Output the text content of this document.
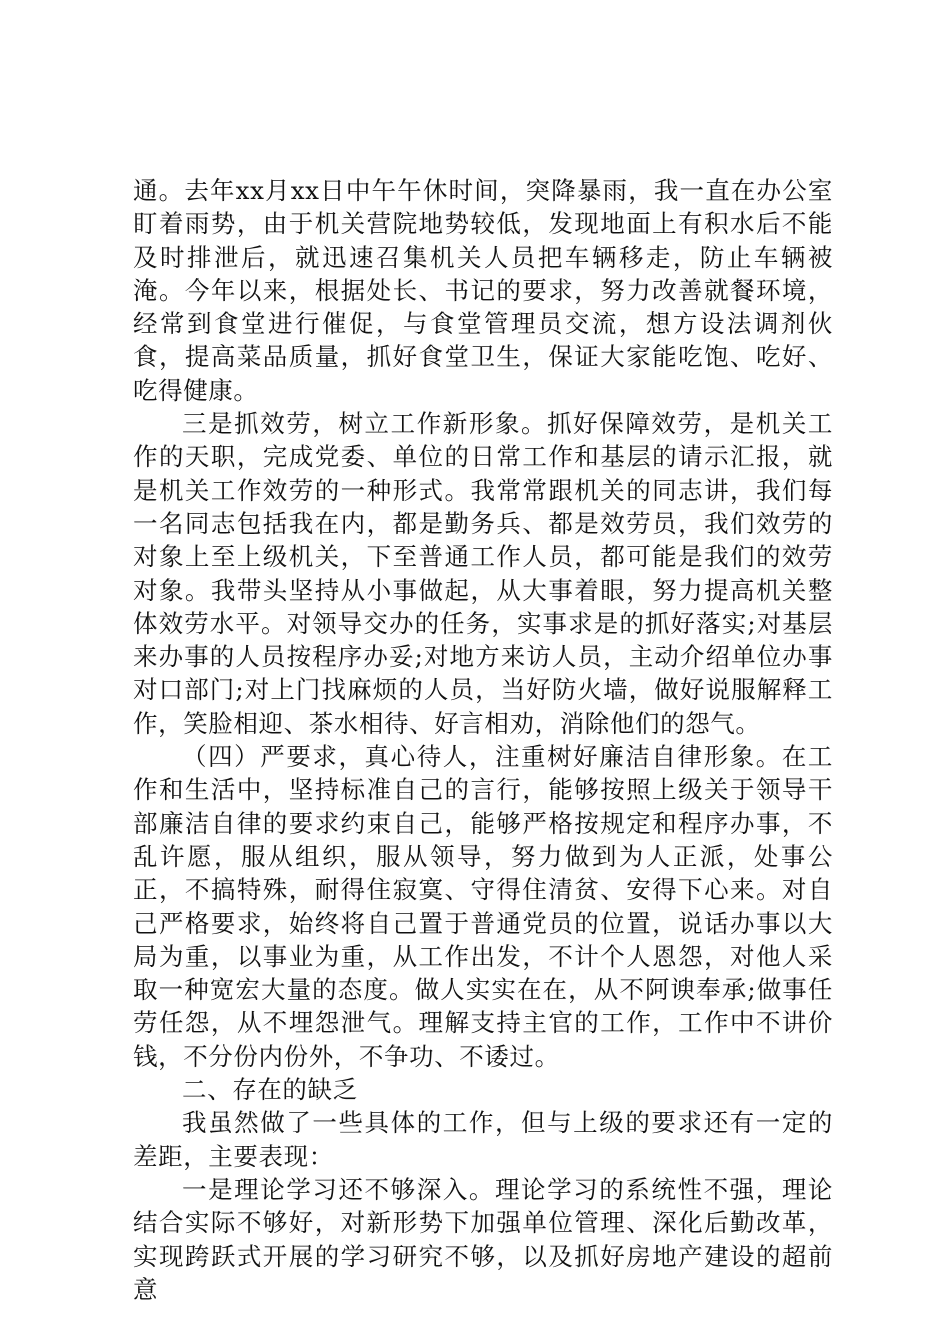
通。去年xx月xx日中午午休时间，突降暴雨，我一直在办公室盯着雨势，由于机关营院地势较低，发现地面上有积水后不能及时排泄后，就迅速召集机关人员把车辆移走，防止车辆被淹。今年以来，根据处长、书记的要求，努力改善就餐环境，经常到食堂进行催促，与食堂管理员交流，想方设法调剂伙食，提高菜品质量，抓好食堂卫生，保证大家能吃饱、吃好、吃得健康。

三是抓效劳，树立工作新形象。抓好保障效劳，是机关工作的天职，完成党委、单位的日常工作和基层的请示汇报，就是机关工作效劳的一种形式。我常常跟机关的同志讲，我们每一名同志包括我在内，都是勤务兵、都是效劳员，我们效劳的对象上至上级机关，下至普通工作人员，都可能是我们的效劳对象。我带头坚持从小事做起，从大事着眼，努力提高机关整体效劳水平。对领导交办的任务，实事求是的抓好落实;对基层来办事的人员按程序办妥;对地方来访人员，主动介绍单位办事对口部门;对上门找麻烦的人员，当好防火墙，做好说服解释工作，笑脸相迎、茶水相待、好言相劝，消除他们的怨气。

（四）严要求，真心待人，注重树好廉洁自律形象。在工作和生活中，坚持标准自己的言行，能够按照上级关于领导干部廉洁自律的要求约束自己，能够严格按规定和程序办事，不乱许愿，服从组织，服从领导，努力做到为人正派，处事公正，不搞特殊，耐得住寂寞、守得住清贫、安得下心来。对自己严格要求，始终将自己置于普通党员的位置，说话办事以大局为重，以事业为重，从工作出发，不计个人恩怨，对他人采取一种宽宏大量的态度。做人实实在在，从不阿谀奉承;做事任劳任怨，从不埋怨泄气。理解支持主官的工作，工作中不讲价钱，不分份内份外，不争功、不诿过。

二、存在的缺乏

我虽然做了一些具体的工作，但与上级的要求还有一定的差距，主要表现：

一是理论学习还不够深入。理论学习的系统性不强，理论结合实际不够好，对新形势下加强单位管理、深化后勤改革，实现跨跃式开展的学习研究不够，以及抓好房地产建设的超前意
